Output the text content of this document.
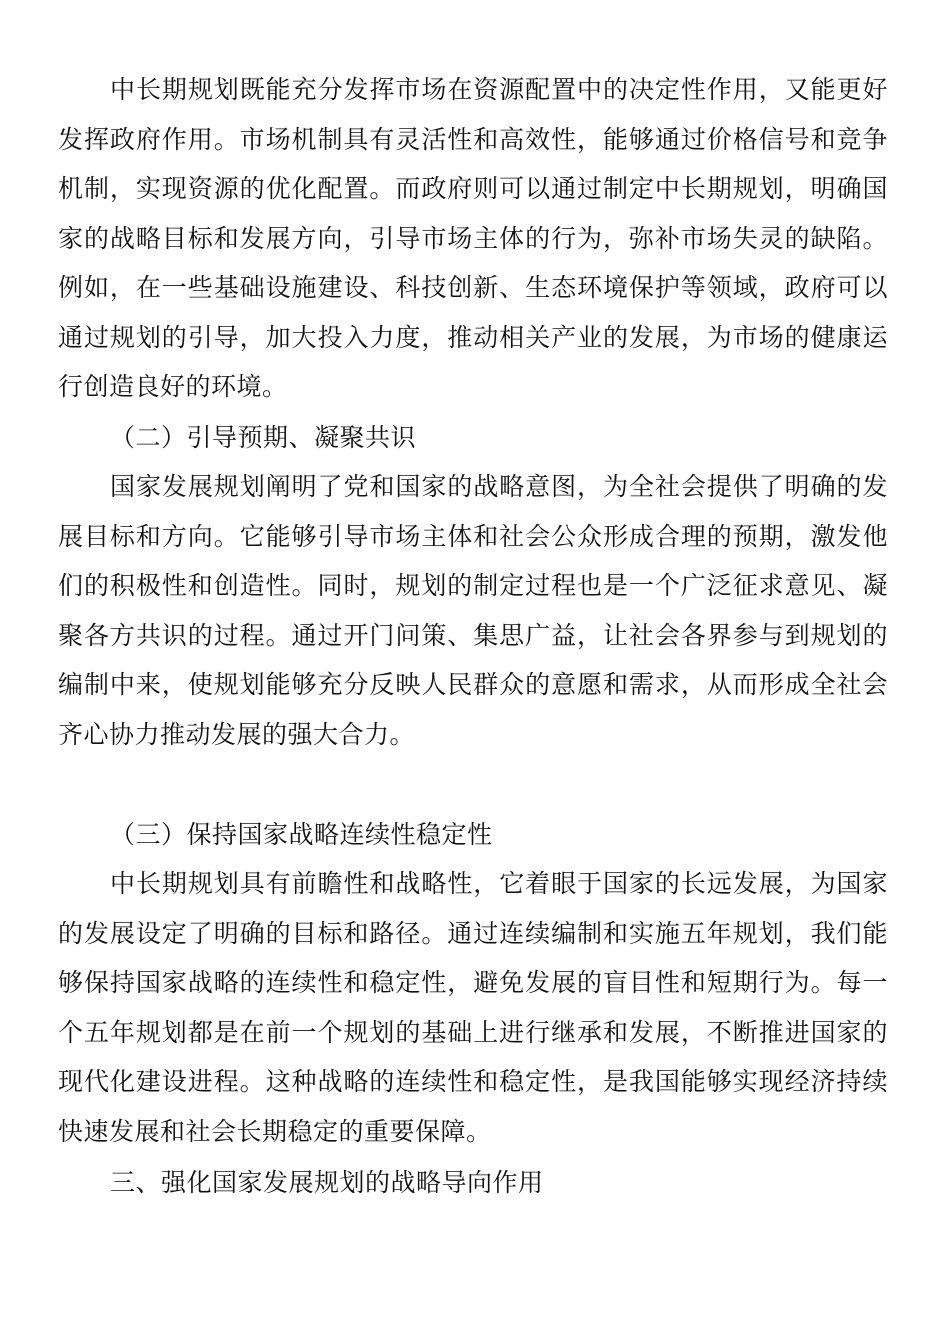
中长期规划既能充分发挥市场在资源配置中的决定性作用，又能更好发挥政府作用。市场机制具有灵活性和高效性，能够通过价格信号和竞争机制，实现资源的优化配置。而政府则可以通过制定中长期规划，明确国家的战略目标和发展方向，引导市场主体的行为，弥补市场失灵的缺陷。例如，在一些基础设施建设、科技创新、生态环境保护等领域，政府可以通过规划的引导，加大投入力度，推动相关产业的发展，为市场的健康运行创造良好的环境。

（二）引导预期、凝聚共识

国家发展规划阐明了党和国家的战略意图，为全社会提供了明确的发展目标和方向。它能够引导市场主体和社会公众形成合理的预期，激发他们的积极性和创造性。同时，规划的制定过程也是一个广泛征求意见、凝聚各方共识的过程。通过开门问策、集思广益，让社会各界参与到规划的编制中来，使规划能够充分反映人民群众的意愿和需求，从而形成全社会齐心协力推动发展的强大合力。

（三）保持国家战略连续性稳定性

中长期规划具有前瞻性和战略性，它着眼于国家的长远发展，为国家的发展设定了明确的目标和路径。通过连续编制和实施五年规划，我们能够保持国家战略的连续性和稳定性，避免发展的盲目性和短期行为。每一个五年规划都是在前一个规划的基础上进行继承和发展，不断推进国家的现代化建设进程。这种战略的连续性和稳定性，是我国能够实现经济持续快速发展和社会长期稳定的重要保障。

三、强化国家发展规划的战略导向作用
